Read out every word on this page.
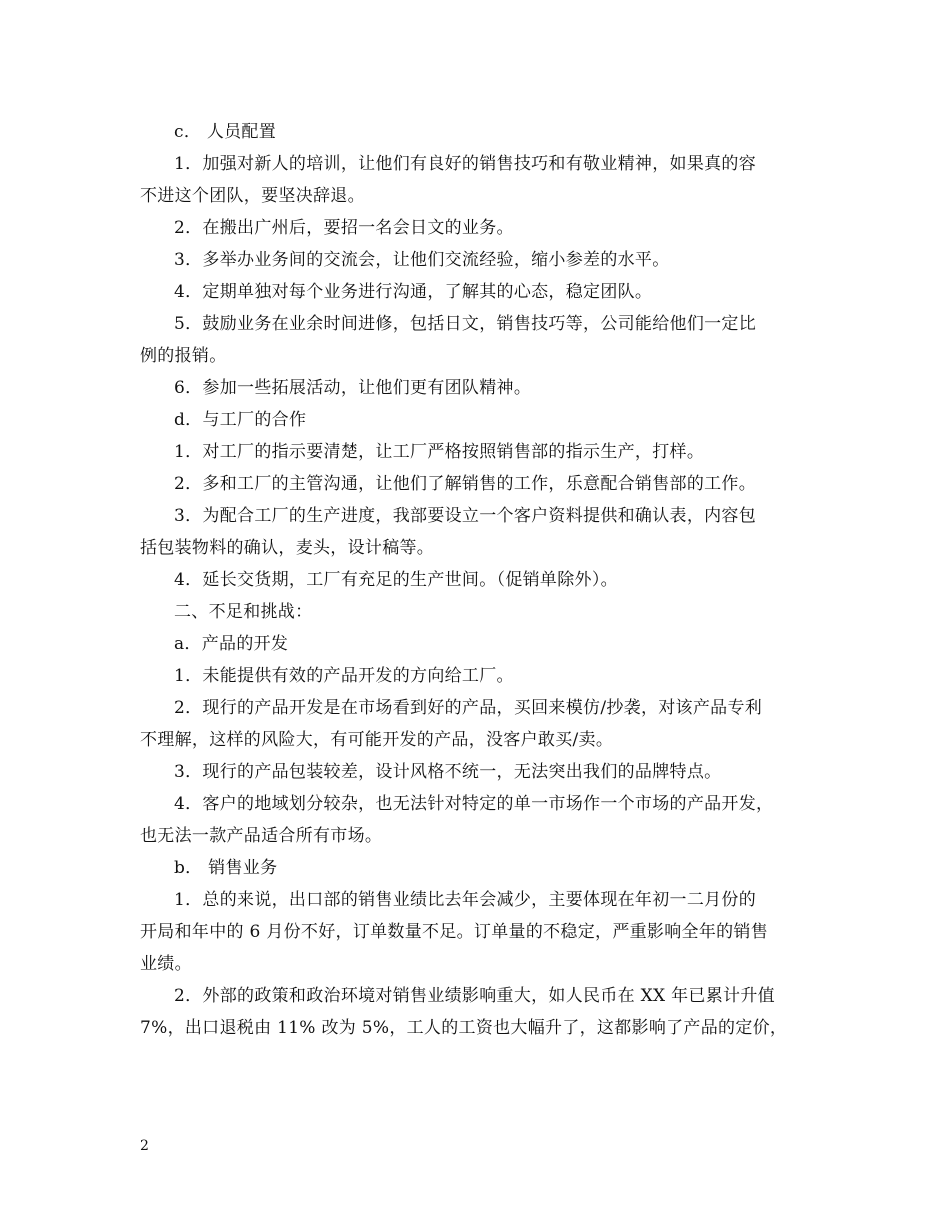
c． 人员配置
1．加强对新人的培训，让他们有良好的销售技巧和有敬业精神，如果真的容
不进这个团队，要坚决辞退。
2．在搬出广州后，要招一名会日文的业务。
3．多举办业务间的交流会，让他们交流经验，缩小参差的水平。
4．定期单独对每个业务进行沟通，了解其的心态，稳定团队。
5．鼓励业务在业余时间进修，包括日文，销售技巧等，公司能给他们一定比
例的报销。
6．参加一些拓展活动，让他们更有团队精神。
d．与工厂的合作
1．对工厂的指示要清楚，让工厂严格按照销售部的指示生产，打样。
2．多和工厂的主管沟通，让他们了解销售的工作，乐意配合销售部的工作。
3．为配合工厂的生产进度，我部要设立一个客户资料提供和确认表，内容包
括包装物料的确认，麦头，设计稿等。
4．延长交货期，工厂有充足的生产世间。（促销单除外）。
二、不足和挑战：
a．产品的开发
1．未能提供有效的产品开发的方向给工厂。
2．现行的产品开发是在市场看到好的产品，买回来模仿/抄袭，对该产品专利
不理解，这样的风险大，有可能开发的产品，没客户敢买/卖。
3．现行的产品包装较差，设计风格不统一，无法突出我们的品牌特点。
4．客户的地域划分较杂，也无法针对特定的单一市场作一个市场的产品开发，
也无法一款产品适合所有市场。
b． 销售业务
1．总的来说，出口部的销售业绩比去年会减少，主要体现在年初一二月份的
开局和年中的 6 月份不好，订单数量不足。订单量的不稳定，严重影响全年的销售
业绩。
2．外部的政策和政治环境对销售业绩影响重大，如人民币在 XX 年已累计升值
7%，出口退税由 11% 改为 5%，工人的工资也大幅升了，这都影响了产品的定价，
2
